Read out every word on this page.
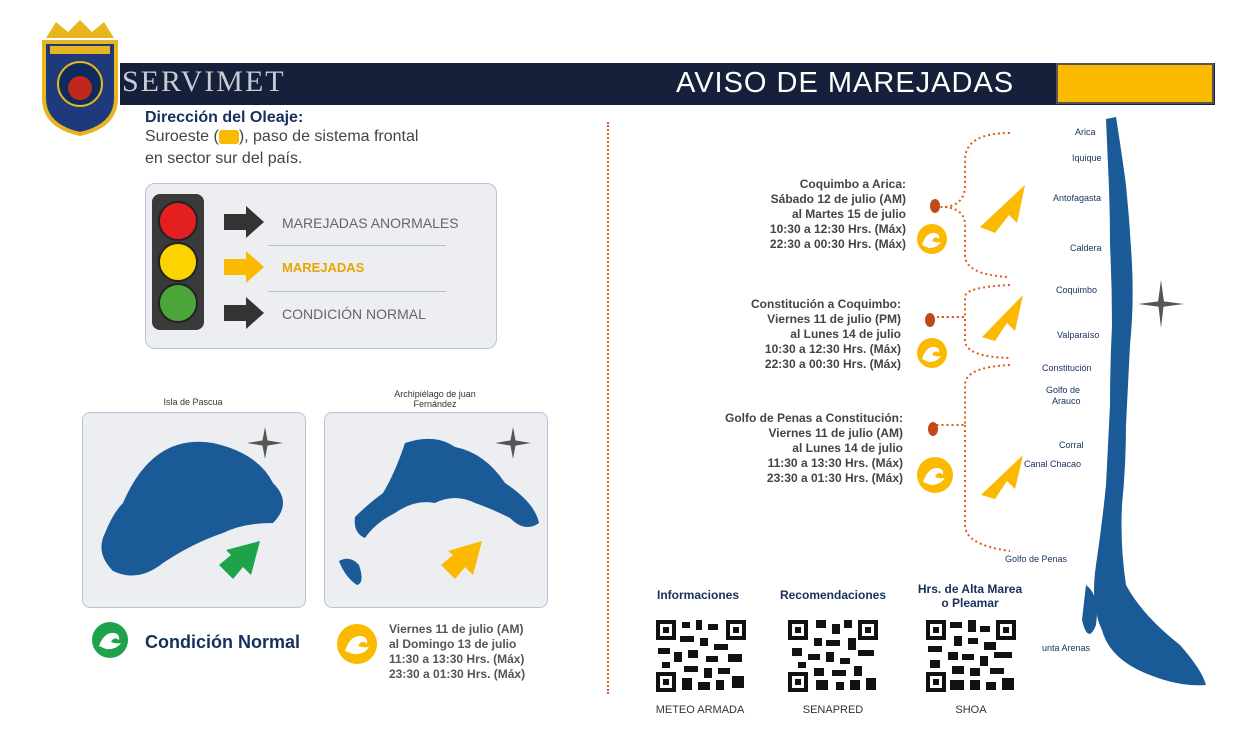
SERVIMET	AVISO DE MAREJADAS
Dirección del Oleaje:
Suroeste ( ), paso de sistema frontal
en sector sur del país.
MAREJADAS ANORMALES
MAREJADAS
CONDICIÓN NORMAL
Isla de Pascua
Archipiélago de juan
Fernández
Condición Normal
Viernes 11 de julio (AM)
al Domingo 13 de julio
11:30 a 13:30 Hrs. (Máx)
23:30 a 01:30 Hrs. (Máx)
Coquimbo a Arica:
Sábado 12 de julio (AM)
al Martes 15 de julio
10:30 a 12:30 Hrs. (Máx)
22:30 a 00:30 Hrs. (Máx)
Constitución a Coquimbo:
Viernes 11 de julio (PM)
al Lunes 14 de julio
10:30 a 12:30 Hrs. (Máx)
22:30 a 00:30 Hrs. (Máx)
Golfo de Penas a Constitución:
Viernes 11 de julio (AM)
al Lunes 14 de julio
11:30 a 13:30 Hrs. (Máx)
23:30 a 01:30 Hrs. (Máx)
Arica
Iquique
Antofagasta
Caldera
Coquimbo
Valparaíso
Constitución
Golfo de
Arauco
Corral
Canal Chacao
Golfo de Penas
unta Arenas
Informaciones	Recomendaciones	Hrs. de Alta Marea
o Pleamar
METEO ARMADA	SENAPRED	SHOA
